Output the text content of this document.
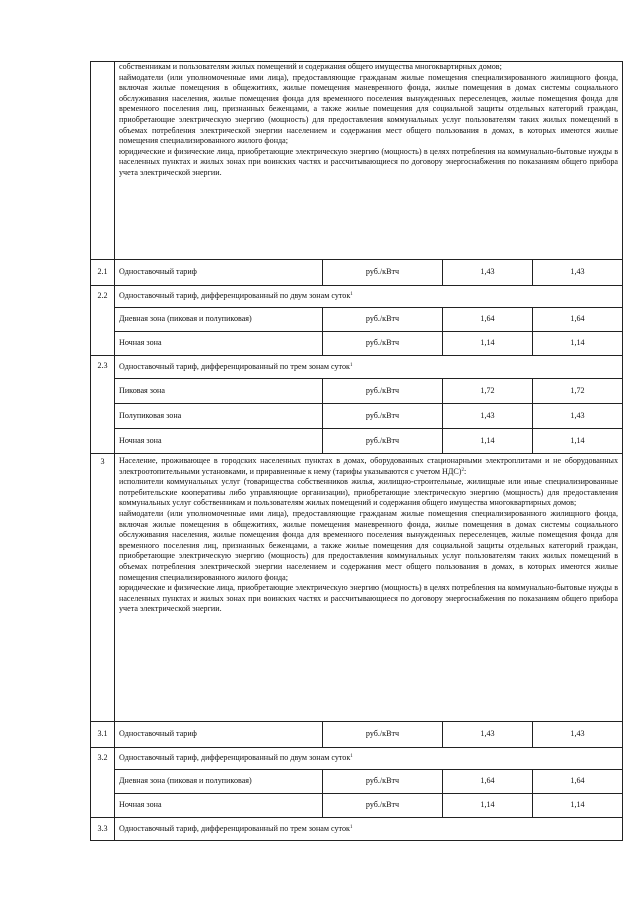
	собственникам и пользователям жилых помещений и содержания общего имущества многоквартирных домов;
наймодатели (или уполномоченные ими лица), предоставляющие гражданам жилые помещения специализированного жилищного фонда, включая жилые помещения в общежитиях, жилые помещения маневренного фонда, жилые помещения в домах системы социального обслуживания населения, жилые помещения фонда для временного поселения вынужденных переселенцев, жилые помещения фонда для временного поселения лиц, признанных беженцами, а также жилые помещения для социальной защиты отдельных категорий граждан, приобретающие электрическую энергию (мощность) для предоставления коммунальных услуг пользователям таких жилых помещений в объемах потребления электрической энергии населением и содержания мест общего пользования в домах, в которых имеются жилые помещения специализированного жилого фонда;
юридические и физические лица, приобретающие электрическую энергию (мощность) в целях потребления на коммунально-бытовые нужды в населенных пунктах и жилых зонах при воинских частях и рассчитывающиеся по договору энергоснабжения по показаниям общего прибора учета электрической энергии.			

2.1	Одноставочный тариф	руб./кВтч	1,43	1,43
2.2	Одноставочный тариф, дифференцированный по двум зонам суток$^1$
	Дневная зона (пиковая и полупиковая)	руб./кВтч	1,64	1,64
	Ночная зона	руб./кВтч	1,14	1,14
2.3	Одноставочный тариф, дифференцированный по трем зонам суток$^1$
	Пиковая зона	руб./кВтч	1,72	1,72
	Полупиковая зона	руб./кВтч	1,43	1,43
	Ночная зона	руб./кВтч	1,14	1,14
3	Население, проживающее в городских населенных пунктах в домах, оборудованных стационарными электроплитами и не оборудованных электроотопительными установками, и приравненные к нему (тарифы указываются с учетом НДС)$^2$:
исполнители коммунальных услуг (товарищества собственников жилья, жилищно-строительные, жилищные или иные специализированные потребительские кооперативы либо управляющие организации), приобретающие электрическую энергию (мощность) для предоставления коммунальных услуг собственникам и пользователям жилых помещений и содержания общего имущества многоквартирных домов;
наймодатели (или уполномоченные ими лица), предоставляющие гражданам жилые помещения специализированного жилищного фонда, включая жилые помещения в общежитиях, жилые помещения маневренного фонда, жилые помещения в домах системы социального обслуживания населения, жилые помещения фонда для временного поселения вынужденных переселенцев, жилые помещения фонда для временного поселения лиц, признанных беженцами, а также жилые помещения для социальной защиты отдельных категорий граждан, приобретающие электрическую энергию (мощность) для предоставления коммунальных услуг пользователям таких жилых помещений в объемах потребления электрической энергии населением и содержания мест общего пользования в домах, в которых имеются жилые помещения специализированного жилого фонда;
юридические и физические лица, приобретающие электрическую энергию (мощность) в целях потребления на коммунально-бытовые нужды в населенных пунктах и жилых зонах при воинских частях и рассчитывающиеся по договору энергоснабжения по показаниям общего прибора учета электрической энергии.			

3.1	Одноставочный тариф	руб./кВтч	1,43	1,43
3.2	Одноставочный тариф, дифференцированный по двум зонам суток$^1$
	Дневная зона (пиковая и полупиковая)	руб./кВтч	1,64	1,64
	Ночная зона	руб./кВтч	1,14	1,14
3.3	Одноставочный тариф, дифференцированный по трем зонам суток$^1$
